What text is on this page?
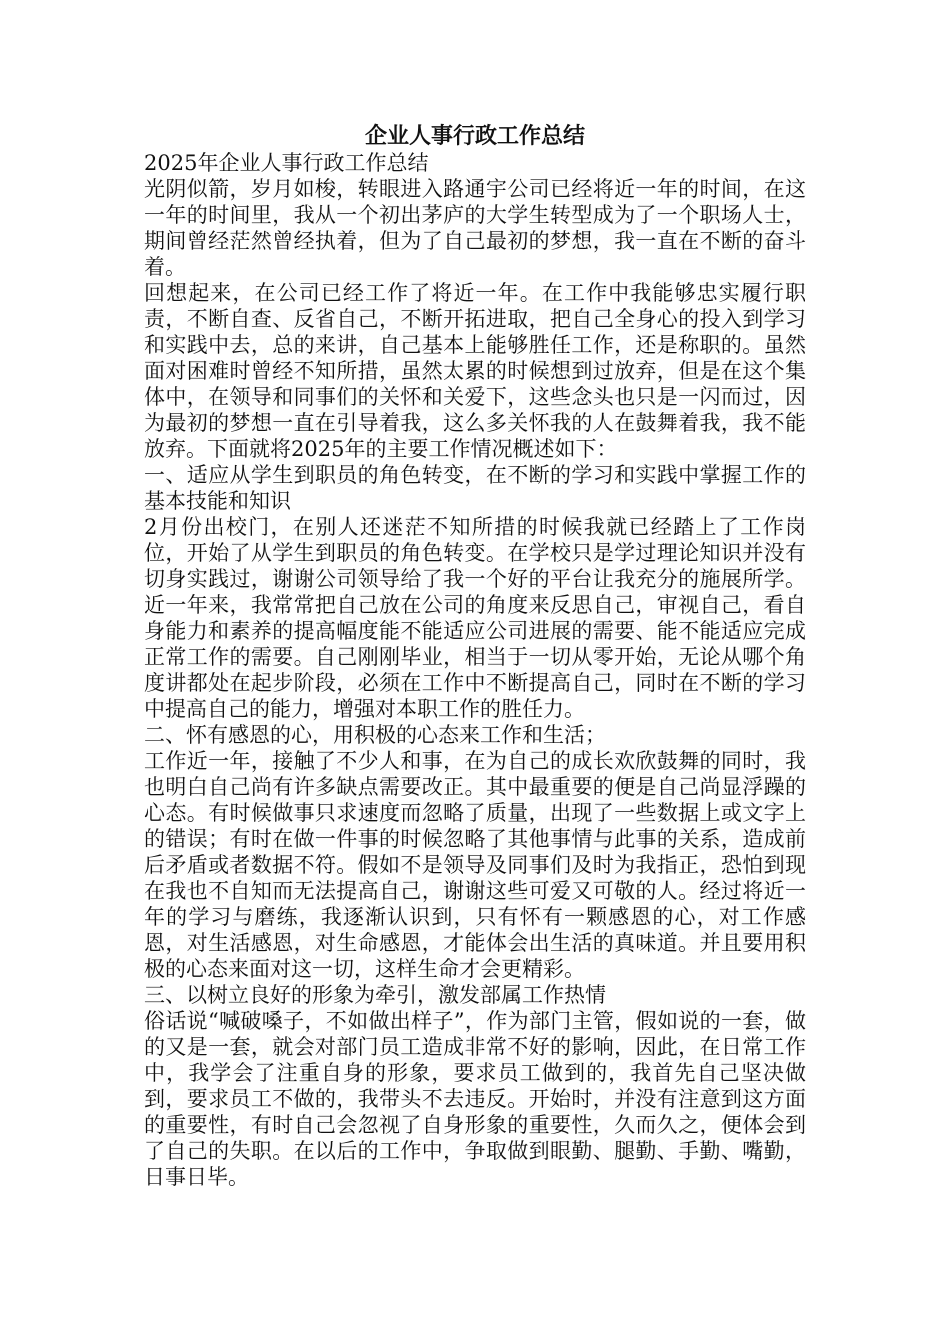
企业人事行政工作总结

2025年企业人事行政工作总结

光阴似箭，岁月如梭，转眼进入路通宇公司已经将近一年的时间，在这一年的时间里，我从一个初出茅庐的大学生转型成为了一个职场人士，期间曾经茫然曾经执着，但为了自己最初的梦想，我一直在不断的奋斗着。

回想起来，在公司已经工作了将近一年。在工作中我能够忠实履行职责，不断自查、反省自己，不断开拓进取，把自己全身心的投入到学习和实践中去，总的来讲，自己基本上能够胜任工作，还是称职的。虽然面对困难时曾经不知所措，虽然太累的时候想到过放弃，但是在这个集体中，在领导和同事们的关怀和关爱下，这些念头也只是一闪而过，因为最初的梦想一直在引导着我，这么多关怀我的人在鼓舞着我，我不能放弃。下面就将2025年的主要工作情况概述如下：

一、适应从学生到职员的角色转变，在不断的学习和实践中掌握工作的基本技能和知识

2月份出校门，在别人还迷茫不知所措的时候我就已经踏上了工作岗位，开始了从学生到职员的角色转变。在学校只是学过理论知识并没有切身实践过，谢谢公司领导给了我一个好的平台让我充分的施展所学。近一年来，我常常把自己放在公司的角度来反思自己，审视自己，看自身能力和素养的提高幅度能不能适应公司进展的需要、能不能适应完成正常工作的需要。自己刚刚毕业，相当于一切从零开始，无论从哪个角度讲都处在起步阶段，必须在工作中不断提高自己，同时在不断的学习中提高自己的能力，增强对本职工作的胜任力。

二、怀有感恩的心，用积极的心态来工作和生活；

工作近一年，接触了不少人和事，在为自己的成长欢欣鼓舞的同时，我也明白自己尚有许多缺点需要改正。其中最重要的便是自己尚显浮躁的心态。有时候做事只求速度而忽略了质量，出现了一些数据上或文字上的错误；有时在做一件事的时候忽略了其他事情与此事的关系，造成前后矛盾或者数据不符。假如不是领导及同事们及时为我指正，恐怕到现在我也不自知而无法提高自己，谢谢这些可爱又可敬的人。经过将近一年的学习与磨练，我逐渐认识到，只有怀有一颗感恩的心，对工作感恩，对生活感恩，对生命感恩，才能体会出生活的真味道。并且要用积极的心态来面对这一切，这样生命才会更精彩。

三、以树立良好的形象为牵引，激发部属工作热情

俗话说“喊破嗓子，不如做出样子”，作为部门主管，假如说的一套，做的又是一套，就会对部门员工造成非常不好的影响，因此，在日常工作中，我学会了注重自身的形象，要求员工做到的，我首先自己坚决做到，要求员工不做的，我带头不去违反。开始时，并没有注意到这方面的重要性，有时自己会忽视了自身形象的重要性，久而久之，便体会到了自己的失职。在以后的工作中，争取做到眼勤、腿勤、手勤、嘴勤，日事日毕。
